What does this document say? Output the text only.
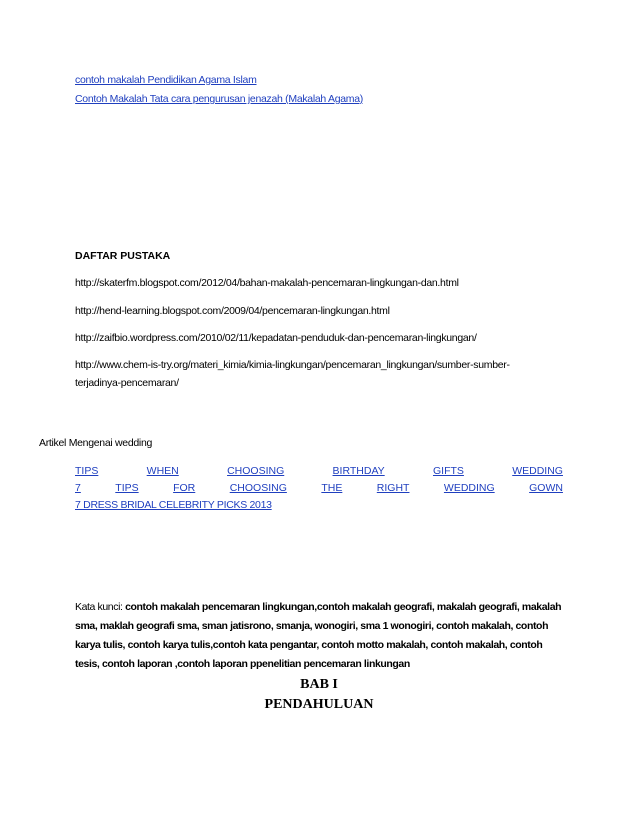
contoh makalah Pendidikan Agama Islam
Contoh Makalah Tata cara pengurusan jenazah (Makalah Agama)
DAFTAR PUSTAKA
http://skaterfm.blogspot.com/2012/04/bahan-makalah-pencemaran-lingkungan-dan.html
http://hend-learning.blogspot.com/2009/04/pencemaran-lingkungan.html
http://zaifbio.wordpress.com/2010/02/11/kepadatan-penduduk-dan-pencemaran-lingkungan/
http://www.chem-is-try.org/materi_kimia/kimia-lingkungan/pencemaran_lingkungan/sumber-sumber-
terjadinya-pencemaran/
Artikel Mengenai wedding
TIPS	WHEN	CHOOSING	BIRTHDAY	GIFTS	WEDDING
7	TIPS	FOR	CHOOSING	THE	RIGHT	WEDDING	GOWN
7 DRESS BRIDAL CELEBRITY PICKS 2013
Kata kunci: contoh makalah pencemaran lingkungan,contoh makalah geografi, makalah geografi, makalah sma, maklah geografi sma, sman jatisrono, smanja, wonogiri, sma 1 wonogiri, contoh makalah, contoh karya tulis, contoh karya tulis,contoh kata pengantar, contoh motto makalah, contoh makalah, contoh tesis, contoh laporan ,contoh laporan ppenelitian pencemaran linkungan
BAB I
PENDAHULUAN
